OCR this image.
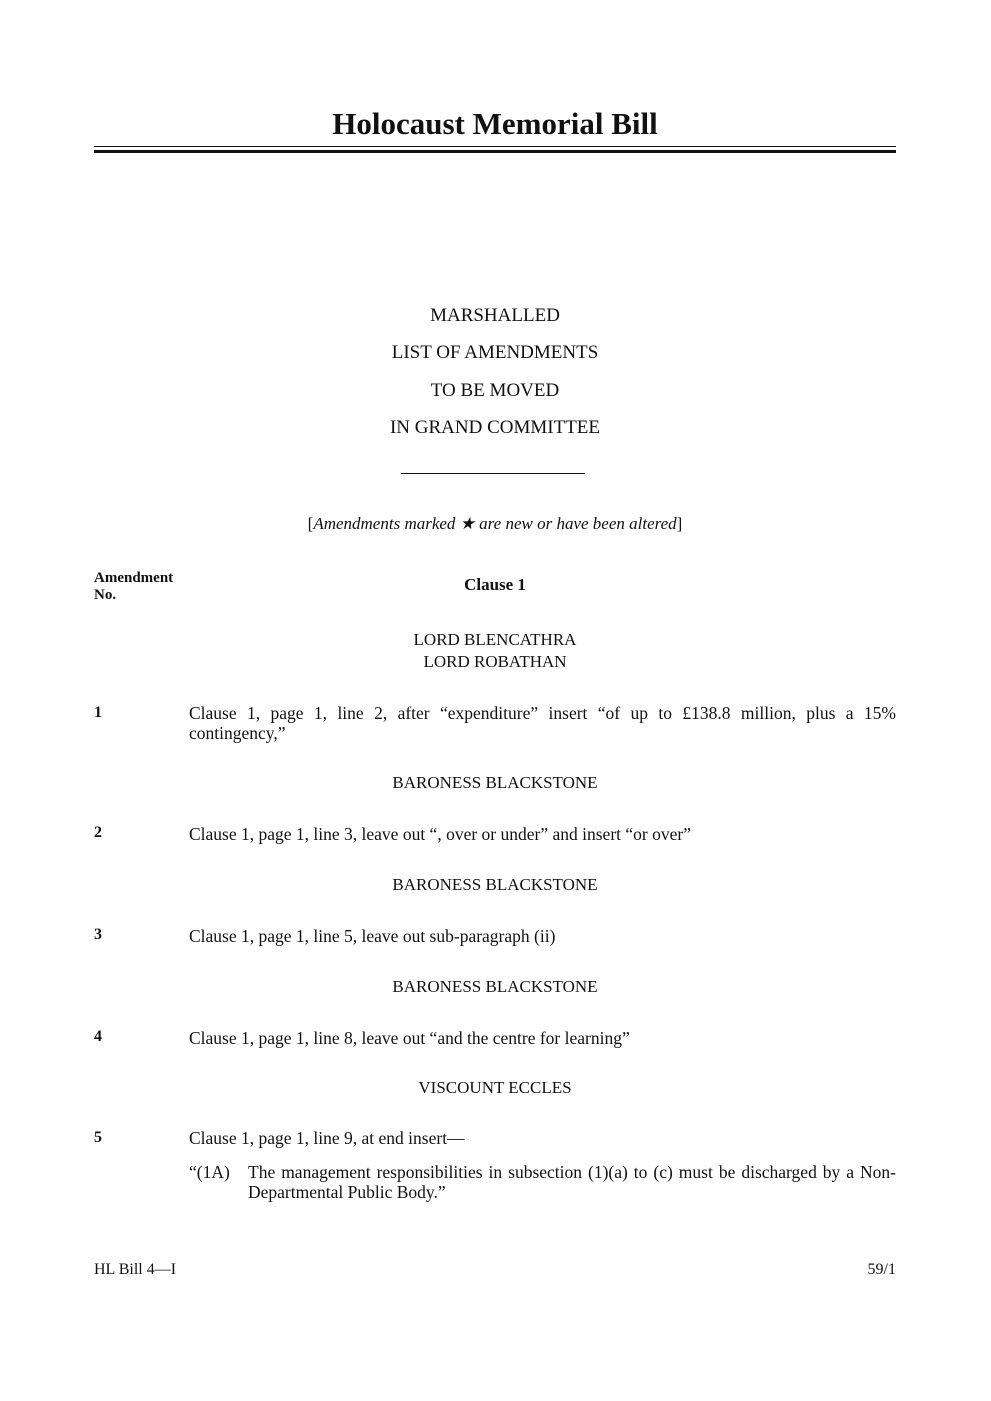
Holocaust Memorial Bill
MARSHALLED
LIST OF AMENDMENTS
TO BE MOVED
IN GRAND COMMITTEE
[Amendments marked ★ are new or have been altered]
Amendment
No.
Clause 1
LORD BLENCATHRA
LORD ROBATHAN
1	Clause 1, page 1, line 2, after “expenditure” insert “of up to £138.8 million, plus a 15% contingency,”
BARONESS BLACKSTONE
2	Clause 1, page 1, line 3, leave out “, over or under” and insert “or over”
BARONESS BLACKSTONE
3	Clause 1, page 1, line 5, leave out sub-paragraph (ii)
BARONESS BLACKSTONE
4	Clause 1, page 1, line 8, leave out “and the centre for learning”
VISCOUNT ECCLES
5	Clause 1, page 1, line 9, at end insert—
“(1A) The management responsibilities in subsection (1)(a) to (c) must be discharged by a Non-Departmental Public Body.”
HL Bill 4—I	59/1
